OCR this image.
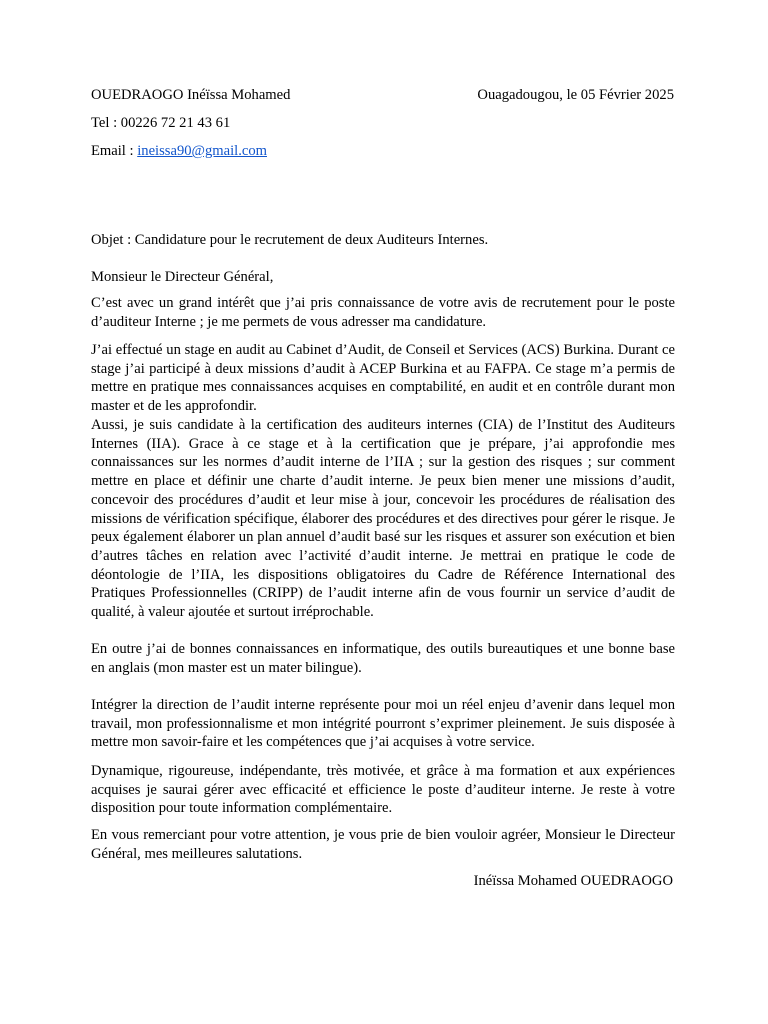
OUEDRAOGO Inéïssa Mohamed	Ouagadougou, le 05 Février 2025
Tel : 00226 72 21 43 61
Email : ineissa90@gmail.com
Objet : Candidature pour le recrutement de deux Auditeurs Internes.
Monsieur le Directeur Général,
C’est avec un grand intérêt que j’ai pris connaissance de votre avis de recrutement pour le poste d’auditeur Interne ; je me permets de vous adresser ma candidature.
J’ai effectué un stage en audit au Cabinet d’Audit, de Conseil et Services (ACS) Burkina. Durant ce stage j’ai participé à deux missions d’audit à ACEP Burkina et au FAFPA. Ce stage m’a permis de mettre en pratique mes connaissances acquises en comptabilité, en audit et en contrôle durant mon master et de les approfondir.
Aussi, je suis candidate à la certification des auditeurs internes (CIA) de l’Institut des Auditeurs Internes (IIA). Grace à ce stage et à la certification que je prépare, j’ai approfondie mes connaissances sur les normes d’audit interne de l’IIA ; sur la gestion des risques ; sur comment mettre en place et définir une charte d’audit interne. Je peux bien mener une missions d’audit, concevoir des procédures d’audit et leur mise à jour, concevoir les procédures de réalisation des missions de vérification spécifique, élaborer des procédures et des directives pour gérer le risque. Je peux également élaborer un plan annuel d’audit basé sur les risques et assurer son exécution et bien d’autres tâches en relation avec l’activité d’audit interne. Je mettrai en pratique le code de déontologie de l’IIA, les dispositions obligatoires du Cadre de Référence International des Pratiques Professionnelles (CRIPP) de l’audit interne afin de vous fournir un service d’audit de qualité, à valeur ajoutée et surtout irréprochable.
En outre j’ai de bonnes connaissances en informatique, des outils bureautiques et une bonne base en anglais (mon master est un mater bilingue).
Intégrer la direction de l’audit interne représente pour moi un réel enjeu d’avenir dans lequel mon travail, mon professionnalisme et mon intégrité pourront s’exprimer pleinement. Je suis disposée à mettre mon savoir-faire et les compétences que j’ai acquises à votre service.
Dynamique, rigoureuse, indépendante, très motivée, et grâce à ma formation et aux expériences acquises je saurai gérer avec efficacité et efficience le poste d’auditeur interne. Je reste à votre disposition pour toute information complémentaire.
En vous remerciant pour votre attention, je vous prie de bien vouloir agréer, Monsieur le Directeur Général, mes meilleures salutations.
Inéïssa Mohamed OUEDRAOGO
